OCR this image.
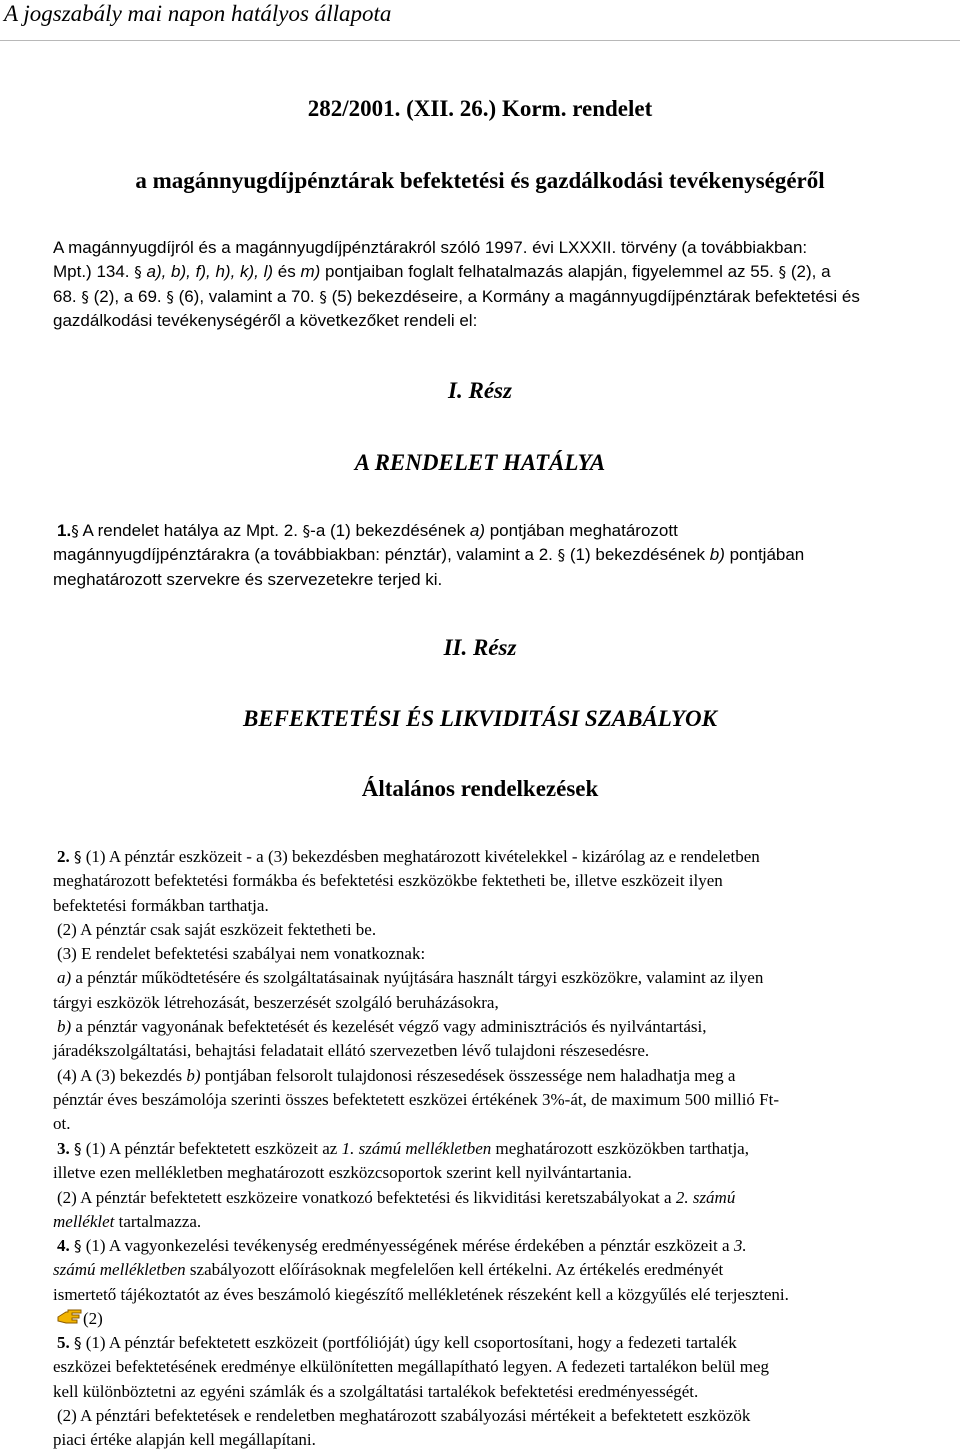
A jogszabály mai napon hatályos állapota
282/2001. (XII. 26.) Korm. rendelet
a magánnyugdíjpénztárak befektetési és gazdálkodási tevékenységéről

A magánnyugdíjról és a magánnyugdíjpénztárakról szóló 1997. évi LXXXII. törvény (a továbbiakban:
Mpt.) 134. § a), b), f), h), k), l) és m) pontjaiban foglalt felhatalmazás alapján, figyelemmel az 55. § (2), a
68. § (2), a 69. § (6), valamint a 70. § (5) bekezdéseire, a Kormány a magánnyugdíjpénztárak befektetési és
gazdálkodási tevékenységéről a következőket rendeli el:

I. Rész
A RENDELET HATÁLYA

1.§ A rendelet hatálya az Mpt. 2. §-a (1) bekezdésének a) pontjában meghatározott
magánnyugdíjpénztárakra (a továbbiakban: pénztár), valamint a 2. § (1) bekezdésének b) pontjában
meghatározott szervekre és szervezetekre terjed ki.

II. Rész
BEFEKTETÉSI ÉS LIKVIDITÁSI SZABÁLYOK
Általános rendelkezések

2. § (1) A pénztár eszközeit - a (3) bekezdésben meghatározott kivételekkel - kizárólag az e rendeletben
meghatározott befektetési formákba és befektetési eszközökbe fektetheti be, illetve eszközeit ilyen
befektetési formákban tarthatja.
(2) A pénztár csak saját eszközeit fektetheti be.
(3) E rendelet befektetési szabályai nem vonatkoznak:
a) a pénztár működtetésére és szolgáltatásainak nyújtására használt tárgyi eszközökre, valamint az ilyen
tárgyi eszközök létrehozását, beszerzését szolgáló beruházásokra,
b) a pénztár vagyonának befektetését és kezelését végző vagy adminisztrációs és nyilvántartási,
járadékszolgáltatási, behajtási feladatait ellátó szervezetben lévő tulajdoni részesedésre.
(4) A (3) bekezdés b) pontjában felsorolt tulajdonosi részesedések összessége nem haladhatja meg a
pénztár éves beszámolója szerinti összes befektetett eszközei értékének 3%-át, de maximum 500 millió Ft-
ot.

3. § (1) A pénztár befektetett eszközeit az 1. számú mellékletben meghatározott eszközökben tarthatja,
illetve ezen mellékletben meghatározott eszközcsoportok szerint kell nyilvántartania.
(2) A pénztár befektetett eszközeire vonatkozó befektetési és likviditási keretszabályokat a 2. számú
melléklet tartalmazza.

4. § (1) A vagyonkezelési tevékenység eredményességének mérése érdekében a pénztár eszközeit a 3.
számú mellékletben szabályozott előírásoknak megfelelően kell értékelni. Az értékelés eredményét
ismertető tájékoztatót az éves beszámoló kiegészítő mellékletének részeként kell a közgyűlés elé terjeszteni.
(2)

5. § (1) A pénztár befektetett eszközeit (portfólióját) úgy kell csoportosítani, hogy a fedezeti tartalék
eszközei befektetésének eredménye elkülönítetten megállapítható legyen. A fedezeti tartalékon belül meg
kell különböztetni az egyéni számlák és a szolgáltatási tartalékok befektetési eredményességét.
(2) A pénztári befektetések e rendeletben meghatározott szabályozási mértékeit a befektetett eszközök
piaci értéke alapján kell megállapítani.
